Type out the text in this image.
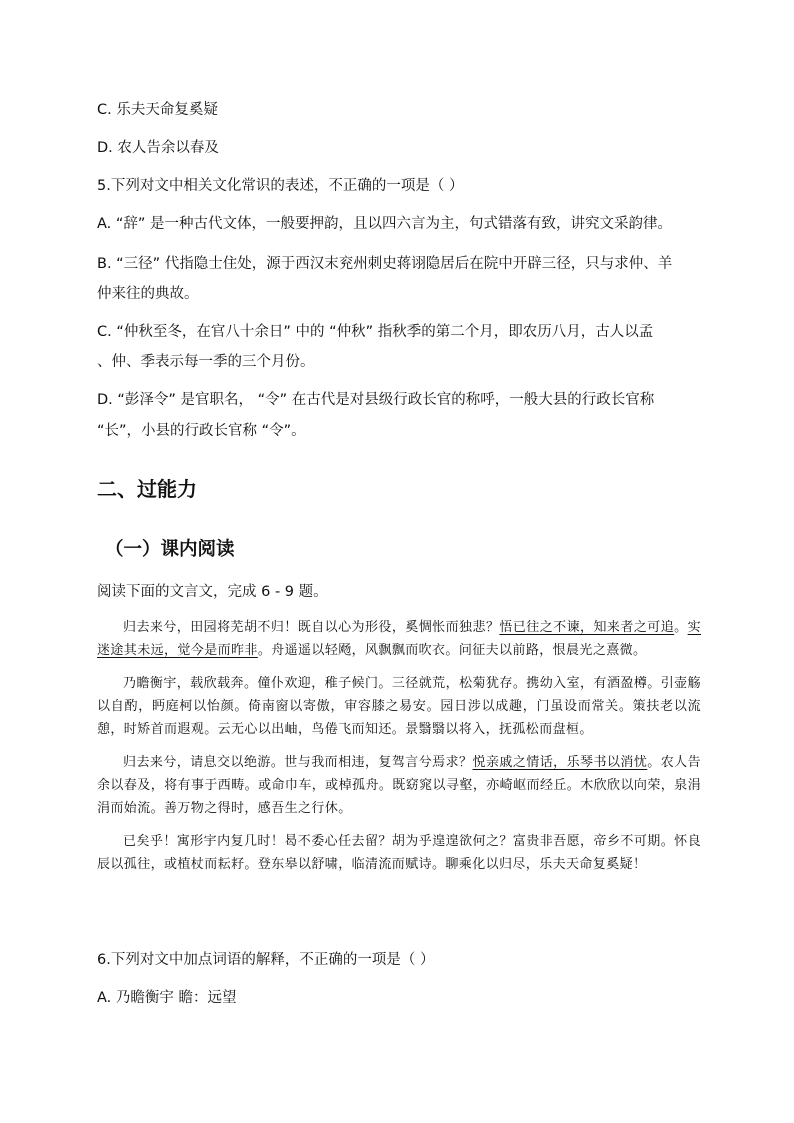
C. 乐夫天命复奚疑
D. 农人告余以春及
5.下列对文中相关文化常识的表述，不正确的一项是（ ）
A. “辞” 是一种古代文体，一般要押韵，且以四六言为主，句式错落有致，讲究文采韵律。
B. “三径” 代指隐士住处，源于西汉末兖州刺史蒋诩隐居后在院中开辟三径，只与求仲、羊
仲来往的典故。
C. “仲秋至冬，在官八十余日” 中的 “仲秋” 指秋季的第二个月，即农历八月，古人以孟
、仲、季表示每一季的三个月份。
D. “彭泽令” 是官职名， “令” 在古代是对县级行政长官的称呼，一般大县的行政长官称
“长”，小县的行政长官称 “令”。
二、过能力
（一）课内阅读
阅读下面的文言文，完成 6 - 9 题。

归去来兮，田园将芜胡不归！既自以心为形役，奚惆怅而独悲？悟已往之不谏，知来者之可追。实迷途其未远，觉今是而昨非。舟遥遥以轻飏，风飘飘而吹衣。问征夫以前路，恨晨光之熹微。

乃瞻衡宇，载欣载奔。僮仆欢迎，稚子候门。三径就荒，松菊犹存。携幼入室，有酒盈樽。引壶觞以自酌，眄庭柯以怡颜。倚南窗以寄傲，审容膝之易安。园日涉以成趣，门虽设而常关。策扶老以流憩，时矫首而遐观。云无心以出岫，鸟倦飞而知还。景翳翳以将入，抚孤松而盘桓。

归去来兮，请息交以绝游。世与我而相违，复驾言兮焉求？悦亲戚之情话，乐琴书以消忧。农人告余以春及，将有事于西畴。或命巾车，或棹孤舟。既窈窕以寻壑，亦崎岖而经丘。木欣欣以向荣，泉涓涓而始流。善万物之得时，感吾生之行休。

已矣乎！寓形宇内复几时！曷不委心任去留？胡为乎遑遑欲何之？富贵非吾愿，帝乡不可期。怀良辰以孤往，或植杖而耘耔。登东皋以舒啸，临清流而赋诗。聊乘化以归尽，乐夫天命复奚疑！

6.下列对文中加点词语的解释，不正确的一项是（ ）
A. 乃瞻衡宇 瞻：远望
